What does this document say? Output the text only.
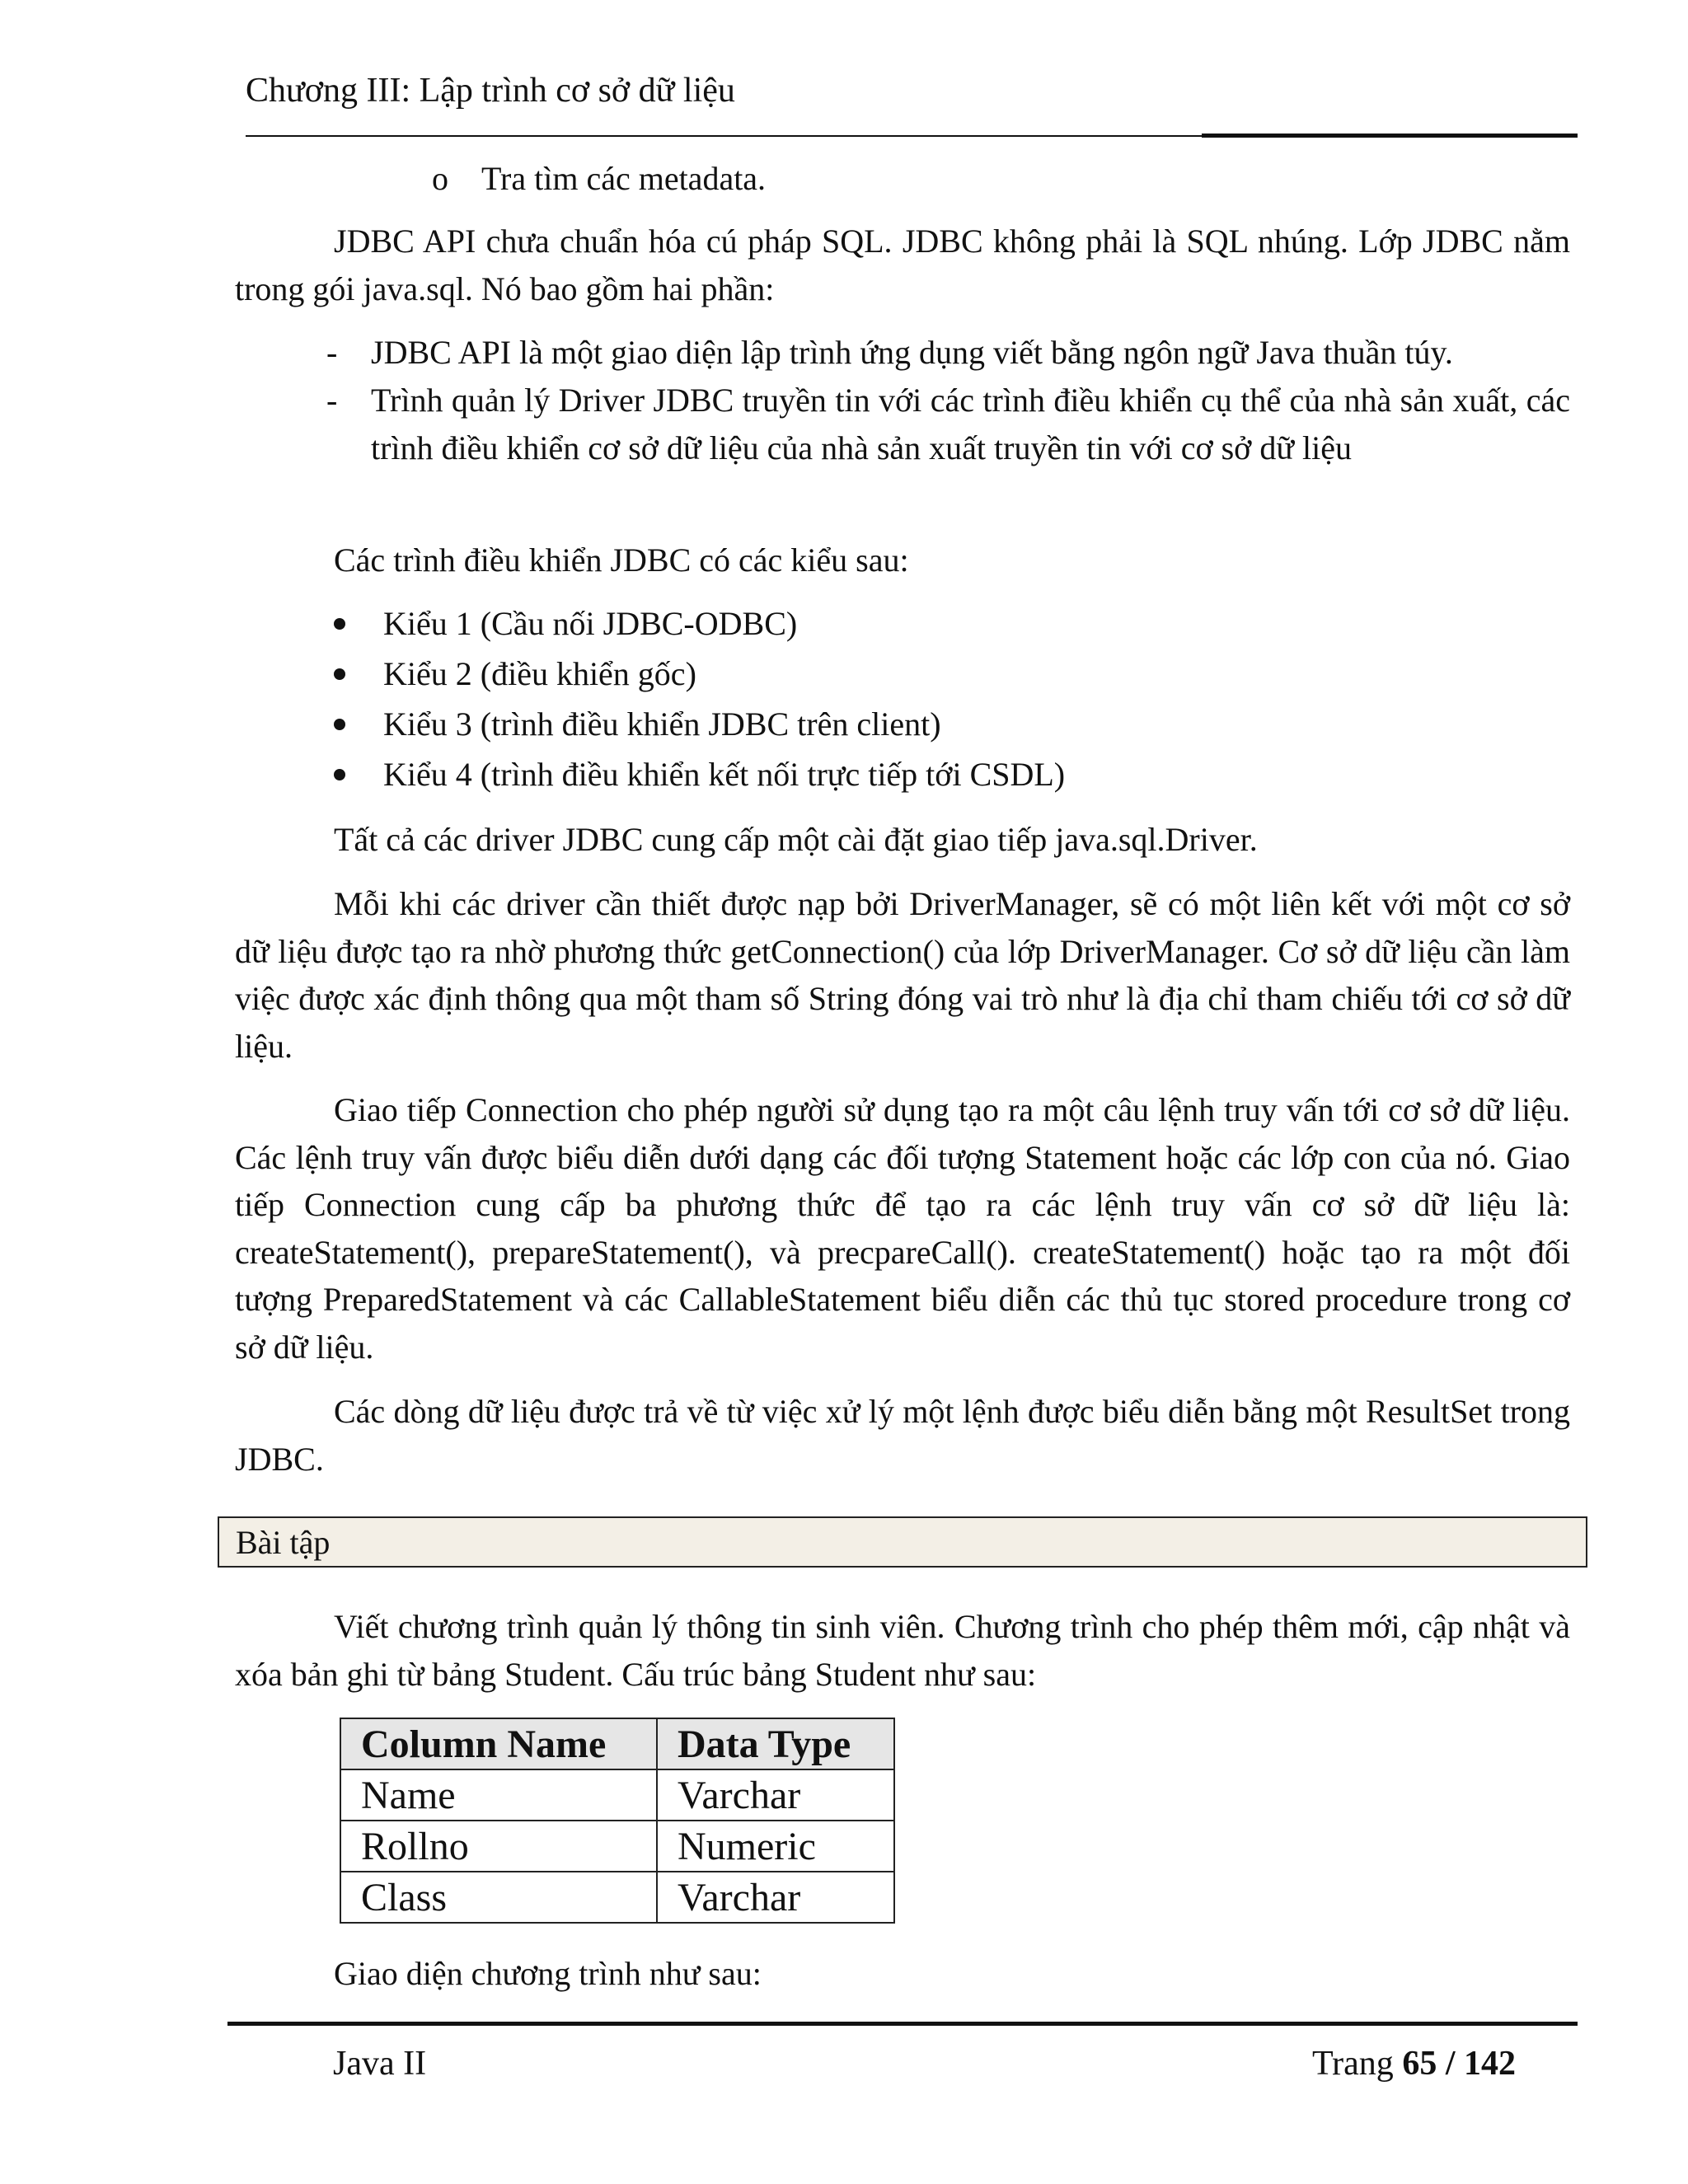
Chương III: Lập trình cơ sở dữ liệu
o Tra tìm các metadata.

JDBC API chưa chuẩn hóa cú pháp SQL. JDBC không phải là SQL nhúng. Lớp JDBC nằm trong gói java.sql. Nó bao gồm hai phần:

- JDBC API là một giao diện lập trình ứng dụng viết bằng ngôn ngữ Java thuần túy.
- Trình quản lý Driver JDBC truyền tin với các trình điều khiển cụ thể của nhà sản xuất, các trình điều khiển cơ sở dữ liệu của nhà sản xuất truyền tin với cơ sở dữ liệu
Các trình điều khiển JDBC có các kiểu sau:
Kiểu 1 (Cầu nối JDBC-ODBC)
Kiểu 2 (điều khiển gốc)
Kiểu 3 (trình điều khiển JDBC trên client)
Kiểu 4 (trình điều khiển kết nối trực tiếp tới CSDL)
Tất cả các driver JDBC cung cấp một cài đặt giao tiếp java.sql.Driver.

Mỗi khi các driver cần thiết được nạp bởi DriverManager, sẽ có một liên kết với một cơ sở dữ liệu được tạo ra nhờ phương thức getConnection() của lớp DriverManager. Cơ sở dữ liệu cần làm việc được xác định thông qua một tham số String đóng vai trò như là địa chỉ tham chiếu tới cơ sở dữ liệu.

Giao tiếp Connection cho phép người sử dụng tạo ra một câu lệnh truy vấn tới cơ sở dữ liệu. Các lệnh truy vấn được biểu diễn dưới dạng các đối tượng Statement hoặc các lớp con của nó. Giao tiếp Connection cung cấp ba phương thức để tạo ra các lệnh truy vấn cơ sở dữ liệu là: createStatement(), prepareStatement(), và precpareCall(). createStatement() hoặc tạo ra một đối tượng PreparedStatement và các CallableStatement biểu diễn các thủ tục stored procedure trong cơ sở dữ liệu.

Các dòng dữ liệu được trả về từ việc xử lý một lệnh được biểu diễn bằng một ResultSet trong JDBC.

Bài tập

Viết chương trình quản lý thông tin sinh viên. Chương trình cho phép thêm mới, cập nhật và xóa bản ghi từ bảng Student. Cấu trúc bảng Student như sau:

Column Name	Data Type
Name	Varchar
Rollno	Numeric
Class	Varchar
Giao diện chương trình như sau:
Java II	Trang 65 / 142
